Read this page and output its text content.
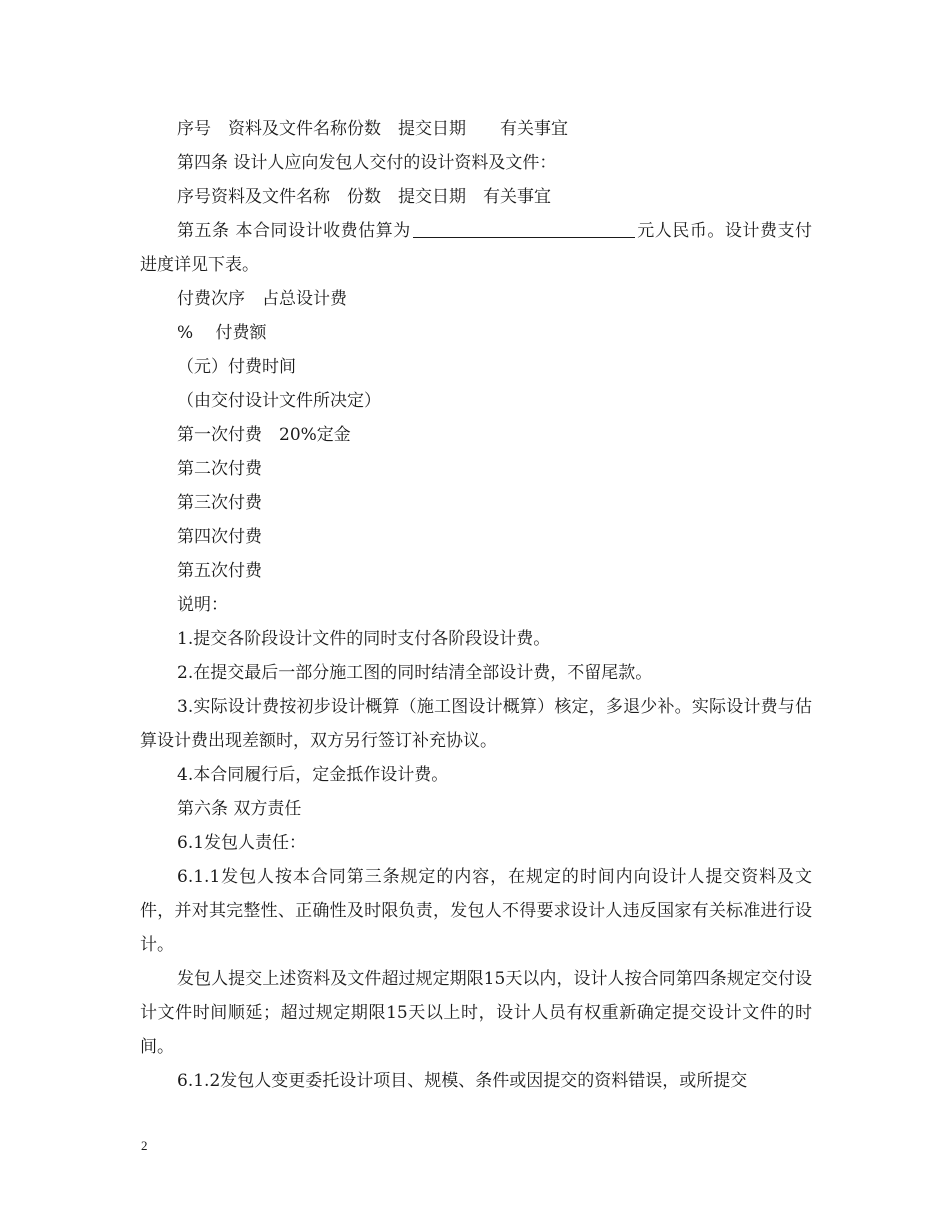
序号　资料及文件名称份数　提交日期　　有关事宜
第四条 设计人应向发包人交付的设计资料及文件：
序号资料及文件名称　份数　提交日期　有关事宜
第五条 本合同设计收费估算为	元人民币。设计费支付进度详见下表。
付费次序　占总设计费
%　 付费额
（元）付费时间
（由交付设计文件所决定）
第一次付费　20%定金
第二次付费
第三次付费
第四次付费
第五次付费
说明：
1.提交各阶段设计文件的同时支付各阶段设计费。
2.在提交最后一部分施工图的同时结清全部设计费，不留尾款。
3.实际设计费按初步设计概算（施工图设计概算）核定，多退少补。实际设计费与估算设计费出现差额时，双方另行签订补充协议。
4.本合同履行后，定金抵作设计费。
第六条 双方责任
6.1发包人责任：
6.1.1发包人按本合同第三条规定的内容，在规定的时间内向设计人提交资料及文件，并对其完整性、正确性及时限负责，发包人不得要求设计人违反国家有关标准进行设计。
发包人提交上述资料及文件超过规定期限15天以内，设计人按合同第四条规定交付设计文件时间顺延；超过规定期限15天以上时，设计人员有权重新确定提交设计文件的时间。
6.1.2发包人变更委托设计项目、规模、条件或因提交的资料错误，或所提交
2
